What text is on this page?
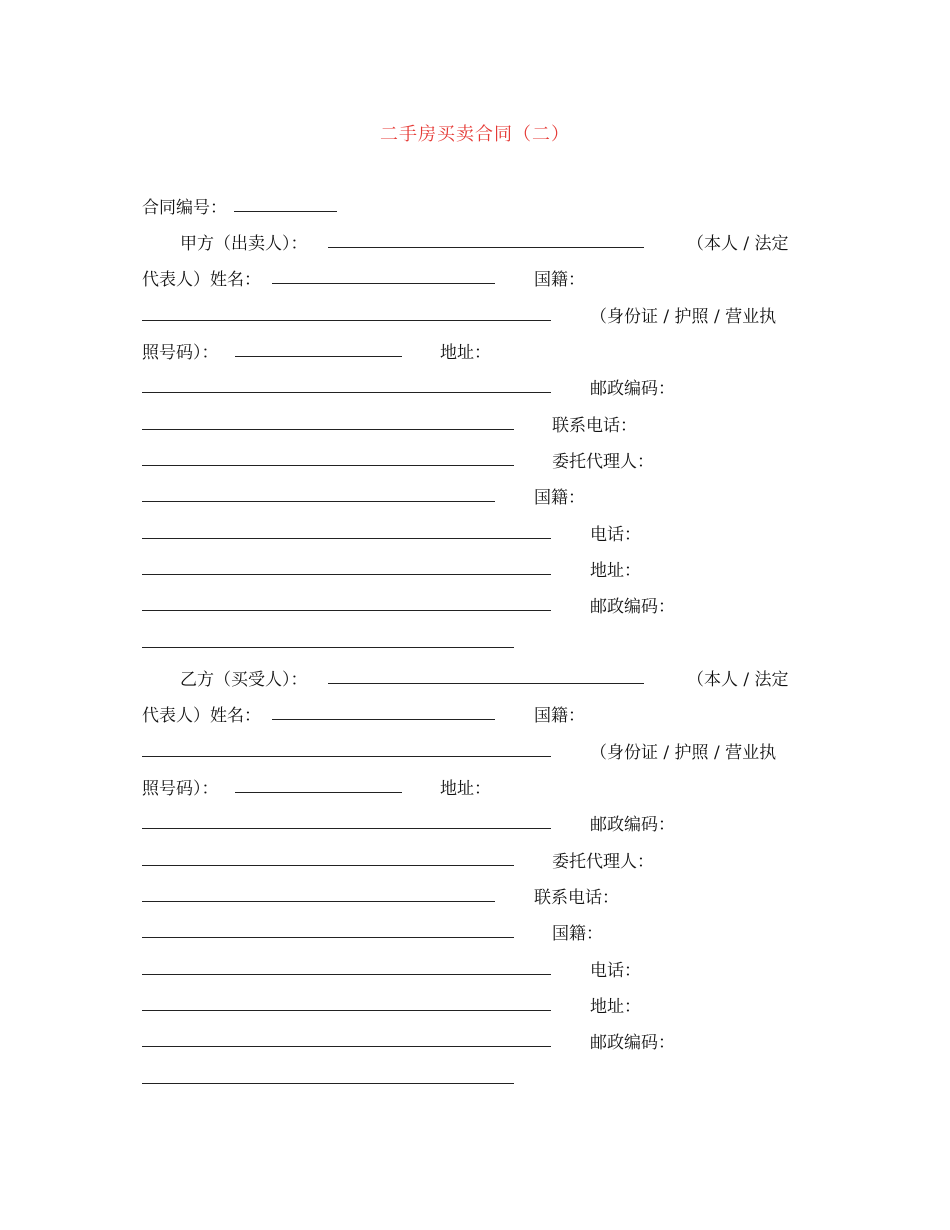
二手房买卖合同（二）
合同编号：
甲方（出卖人）：	（本人 / 法定
代表人）姓名：	国籍：
（身份证 / 护照 / 营业执
照号码）：	地址：
邮政编码：
联系电话：
委托代理人：
国籍：
电话：
地址：
邮政编码：
乙方（买受人）：	（本人 / 法定
代表人）姓名：	国籍：
（身份证 / 护照 / 营业执
照号码）：	地址：
邮政编码：
委托代理人：
联系电话：
国籍：
电话：
地址：
邮政编码：
